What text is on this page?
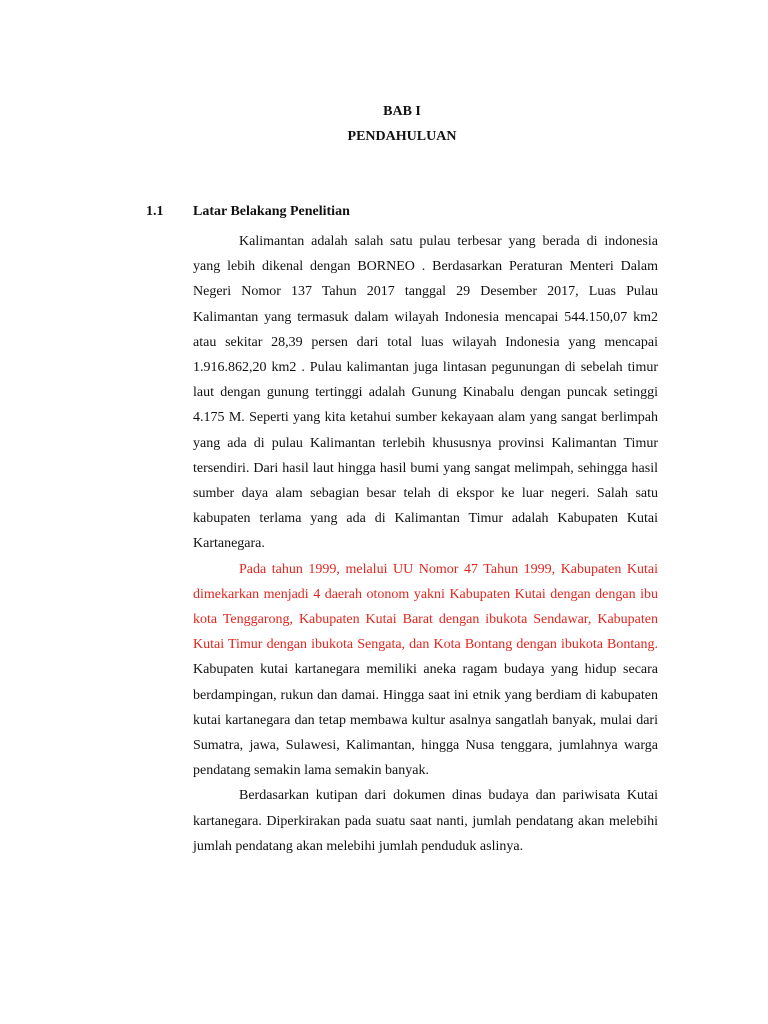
BAB I
PENDAHULUAN
1.1 Latar Belakang Penelitian

Kalimantan adalah salah satu pulau terbesar yang berada di indonesia yang lebih dikenal dengan BORNEO . Berdasarkan Peraturan Menteri Dalam Negeri Nomor 137 Tahun 2017 tanggal 29 Desember 2017, Luas Pulau Kalimantan yang termasuk dalam wilayah Indonesia mencapai 544.150,07 km2 atau sekitar 28,39 persen dari total luas wilayah Indonesia yang mencapai 1.916.862,20 km2 . Pulau kalimantan juga lintasan pegunungan di sebelah timur laut dengan gunung tertinggi adalah Gunung Kinabalu dengan puncak setinggi 4.175 M. Seperti yang kita ketahui sumber kekayaan alam yang sangat berlimpah yang ada di pulau Kalimantan terlebih khususnya provinsi Kalimantan Timur tersendiri. Dari hasil laut hingga hasil bumi yang sangat melimpah, sehingga hasil sumber daya alam sebagian besar telah di ekspor ke luar negeri. Salah satu kabupaten terlama yang ada di Kalimantan Timur adalah Kabupaten Kutai Kartanegara.

Pada tahun 1999, melalui UU Nomor 47 Tahun 1999, Kabupaten Kutai dimekarkan menjadi 4 daerah otonom yakni Kabupaten Kutai dengan dengan ibu kota Tenggarong, Kabupaten Kutai Barat dengan ibukota Sendawar, Kabupaten Kutai Timur dengan ibukota Sengata, dan Kota Bontang dengan ibukota Bontang. Kabupaten kutai kartanegara memiliki aneka ragam budaya yang hidup secara berdampingan, rukun dan damai. Hingga saat ini etnik yang berdiam di kabupaten kutai kartanegara dan tetap membawa kultur asalnya sangatlah banyak, mulai dari Sumatra, jawa, Sulawesi, Kalimantan, hingga Nusa tenggara, jumlahnya warga pendatang semakin lama semakin banyak.

Berdasarkan kutipan dari dokumen dinas budaya dan pariwisata Kutai kartanegara. Diperkirakan pada suatu saat nanti, jumlah pendatang akan melebihi jumlah pendatang akan melebihi jumlah penduduk aslinya.
